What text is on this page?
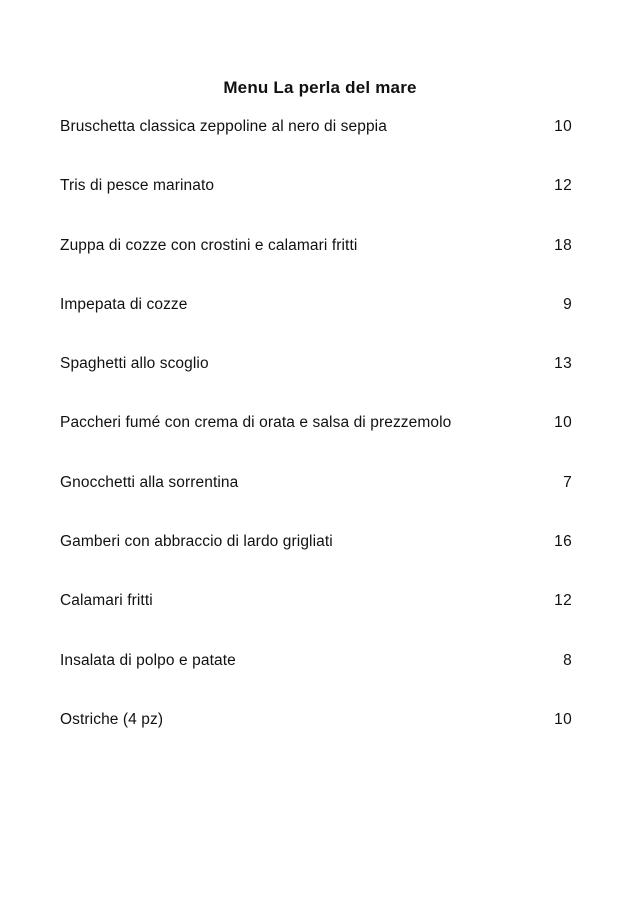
Menu La perla del mare
Bruschetta classica zeppoline al nero di seppia	10
Tris di pesce marinato	12
Zuppa di cozze con crostini e calamari fritti	18
Impepata di cozze	9
Spaghetti allo scoglio	13
Paccheri fumé con crema di orata e salsa di prezzemolo	10
Gnocchetti alla sorrentina	7
Gamberi con abbraccio di lardo grigliati	16
Calamari fritti	12
Insalata di polpo e patate	8
Ostriche (4 pz)	10
